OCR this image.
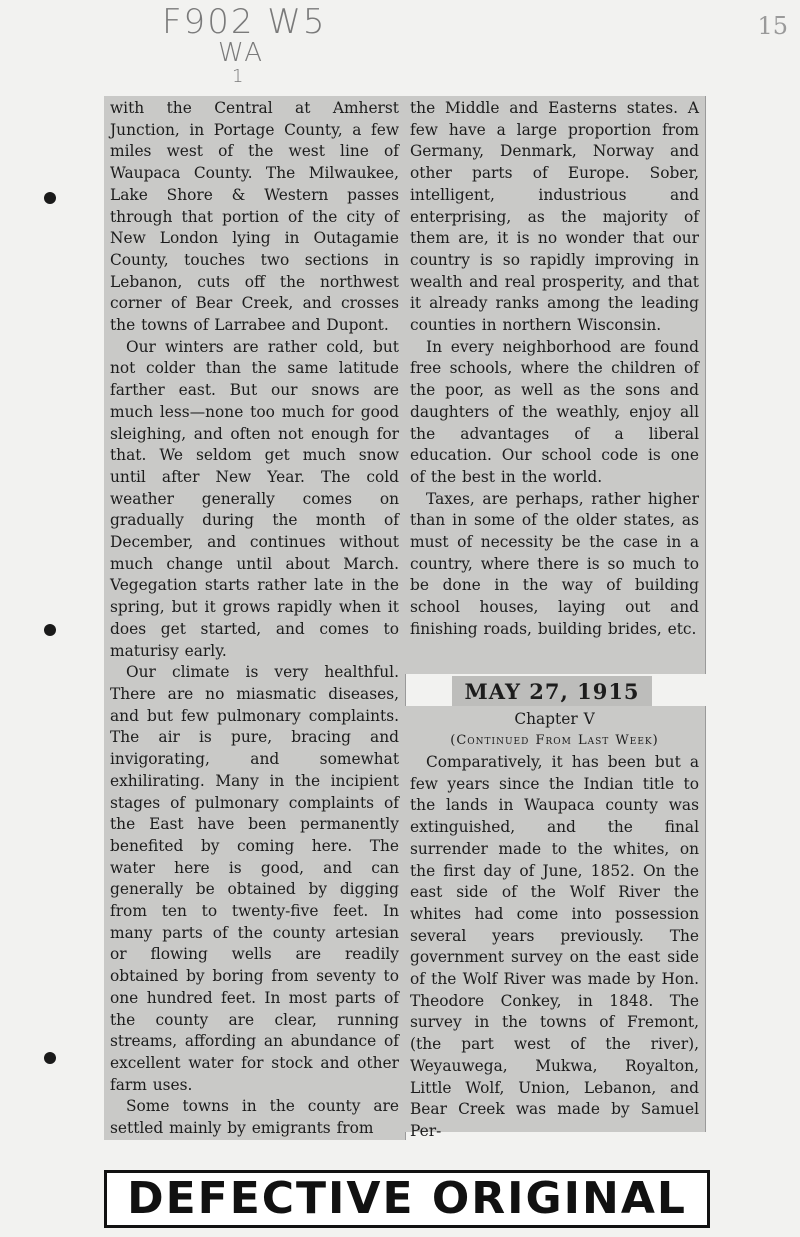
F902 W5
WA
1
15

with the Central at Amherst Junction, in Portage County, a few miles west of the west line of Waupaca County. The Milwaukee, Lake Shore & Western passes through that portion of the city of New London lying in Outagamie County, touches two sections in Lebanon, cuts off the northwest corner of Bear Creek, and crosses the towns of Larrabee and Dupont.

Our winters are rather cold, but not colder than the same latitude farther east. But our snows are much less—none too much for good sleighing, and often not enough for that. We seldom get much snow until after New Year. The cold weather generally comes on gradually during the month of December, and continues without much change until about March. Vegegation starts rather late in the spring, but it grows rapidly when it does get started, and comes to maturisy early.

Our climate is very healthful. There are no miasmatic diseases, and but few pulmonary complaints. The air is pure, bracing and invigorating, and somewhat exhilirating. Many in the incipient stages of pulmonary complaints of the East have been permanently benefited by coming here. The water here is good, and can generally be obtained by digging from ten to twenty-five feet. In many parts of the county artesian or flowing wells are readily obtained by boring from seventy to one hundred feet. In most parts of the county are clear, running streams, affording an abundance of excellent water for stock and other farm uses.

Some towns in the county are settled mainly by emigrants from

the Middle and Easterns states. A few have a large proportion from Germany, Denmark, Norway and other parts of Europe. Sober, intelligent, industrious and enterprising, as the majority of them are, it is no wonder that our country is so rapidly improving in wealth and real prosperity, and that it already ranks among the leading counties in northern Wisconsin.

In every neighborhood are found free schools, where the children of the poor, as well as the sons and daughters of the weathly, enjoy all the advantages of a liberal education. Our school code is one of the best in the world.

Taxes, are perhaps, rather higher than in some of the older states, as must of necessity be the case in a country, where there is so much to be done in the way of building school houses, laying out and finishing roads, building brides, etc.

MAY 27, 1915

Chapter V

(Continued From Last Week)

Comparatively, it has been but a few years since the Indian title to the lands in Waupaca county was extinguished, and the final surrender made to the whites, on the first day of June, 1852. On the east side of the Wolf River the whites had come into possession several years previously. The government survey on the east side of the Wolf River was made by Hon. Theodore Conkey, in 1848. The survey in the towns of Fremont, (the part west of the river), Weyauwega, Mukwa, Royalton, Little Wolf, Union, Lebanon, and Bear Creek was made by Samuel Per-

DEFECTIVE ORIGINAL
